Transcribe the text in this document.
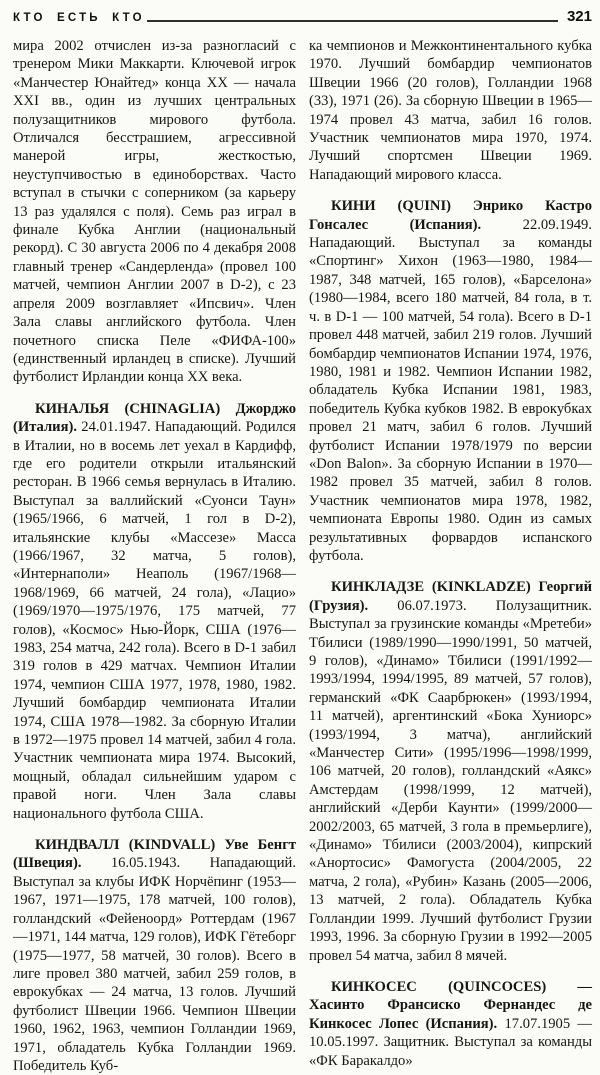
КТО ЕСТЬ КТО	321

мира 2002 отчислен из-за разногласий с тренером Мики Маккарти. Ключевой игрок «Манчестер Юнайтед» конца XX — начала XXI вв., один из лучших центральных полузащитников мирового футбола. Отличался бесстрашием, агрессивной манерой игры, жесткостью, неуступчивостью в единоборствах. Часто вступал в стычки с соперником (за карьеру 13 раз удалялся с поля). Семь раз играл в финале Кубка Англии (национальный рекорд). С 30 августа 2006 по 4 декабря 2008 главный тренер «Сандерленда» (провел 100 матчей, чемпион Англии 2007 в D-2), с 23 апреля 2009 возглавляет «Ипсвич». Член Зала славы английского футбола. Член почетного списка Пеле «ФИФА-100» (единственный ирландец в списке). Лучший футболист Ирландии конца XX века.

КИНАЛЬЯ (CHINAGLIA) Джорджо (Италия). 24.01.1947. Нападающий. Родился в Италии, но в восемь лет уехал в Кардифф, где его родители открыли итальянский ресторан. В 1966 семья вернулась в Италию. Выступал за валлийский «Суонси Таун» (1965/1966, 6 матчей, 1 гол в D-2), итальянские клубы «Массезе» Масса (1966/1967, 32 матча, 5 голов), «Интернаполи» Неаполь (1967/1968—1968/1969, 66 матчей, 24 гола), «Лацио» (1969/1970—1975/1976, 175 матчей, 77 голов), «Космос» Нью-Йорк, США (1976—1983, 254 матча, 242 гола). Всего в D-1 забил 319 голов в 429 матчах. Чемпион Италии 1974, чемпион США 1977, 1978, 1980, 1982. Лучший бомбардир чемпионата Италии 1974, США 1978—1982. За сборную Италии в 1972—1975 провел 14 матчей, забил 4 гола. Участник чемпионата мира 1974. Высокий, мощный, обладал сильнейшим ударом с правой ноги. Член Зала славы национального футбола США.

КИНДВАЛЛ (KINDVALL) Уве Бенгт (Швеция). 16.05.1943. Нападающий. Выступал за клубы ИФК Норчёпинг (1953—1967, 1971—1975, 178 матчей, 100 голов), голландский «Фейеноорд» Роттердам (1967—1971, 144 матча, 129 голов), ИФК Гётеборг (1975—1977, 58 матчей, 30 голов). Всего в лиге провел 380 матчей, забил 259 голов, в еврокубках — 24 матча, 13 голов. Лучший футболист Швеции 1966. Чемпион Швеции 1960, 1962, 1963, чемпион Голландии 1969, 1971, обладатель Кубка Голландии 1969. Победитель Куб-

ка чемпионов и Межконтинентального кубка 1970. Лучший бомбардир чемпионатов Швеции 1966 (20 голов), Голландии 1968 (33), 1971 (26). За сборную Швеции в 1965—1974 провел 43 матча, забил 16 голов. Участник чемпионатов мира 1970, 1974. Лучший спортсмен Швеции 1969. Нападающий мирового класса.

КИНИ (QUINI) Энрико Кастро Гонсалес (Испания).	22.09.1949. Нападающий. Выступал за команды «Спортинг» Хихон (1963—1980, 1984—1987, 348 матчей, 165 голов), «Барселона» (1980—1984, всего 180 матчей, 84 гола, в т. ч. в D-1 — 100 матчей, 54 гола). Всего в D-1 провел 448 матчей, забил 219 голов. Лучший бомбардир чемпионатов Испании 1974, 1976, 1980, 1981 и 1982. Чемпион Испании 1982, обладатель Кубка Испании 1981, 1983, победитель Кубка кубков 1982. В еврокубках провел 21 матч, забил 6 голов. Лучший футболист Испании 1978/1979 по версии «Don Balon». За сборную Испании в 1970—1982 провел 35 матчей, забил 8 голов. Участник чемпионатов мира 1978, 1982, чемпионата Европы 1980. Один из самых результативных форвардов испанского футбола.

КИНКЛАДЗЕ (KINKLADZE) Георгий (Грузия). 06.07.1973. Полузащитник. Выступал за грузинские команды «Мретеби» Тбилиси (1989/1990—1990/1991, 50 матчей, 9 голов), «Динамо» Тбилиси (1991/1992—1993/1994, 1994/1995, 89 матчей, 57 голов), германский «ФК Саарбрюкен» (1993/1994, 11 матчей), аргентинский «Бока Хуниорс» (1993/1994, 3 матча), английский «Манчестер Сити» (1995/1996—1998/1999, 106 матчей, 20 голов), голландский «Аякс» Амстердам (1998/1999, 12 матчей), английский «Дерби Каунти» (1999/2000—2002/2003, 65 матчей, 3 гола в премьерлиге), «Динамо» Тбилиси (2003/2004), кипрский «Анортосис» Фамогуста (2004/2005, 22 матча, 2 гола), «Рубин» Казань (2005—2006, 13 матчей, 2 гола). Обладатель Кубка Голландии 1999. Лучший футболист Грузии 1993, 1996. За сборную Грузии в 1992—2005 провел 54 матча, забил 8 мячей.

КИНКОСЕС (QUINCOCES) — Хасинто Франсиско Фернандес де Кинкосес Лопес (Испания). 17.07.1905 — 10.05.1997. Защитник. Выступал за команды «ФК Баракалдо»
